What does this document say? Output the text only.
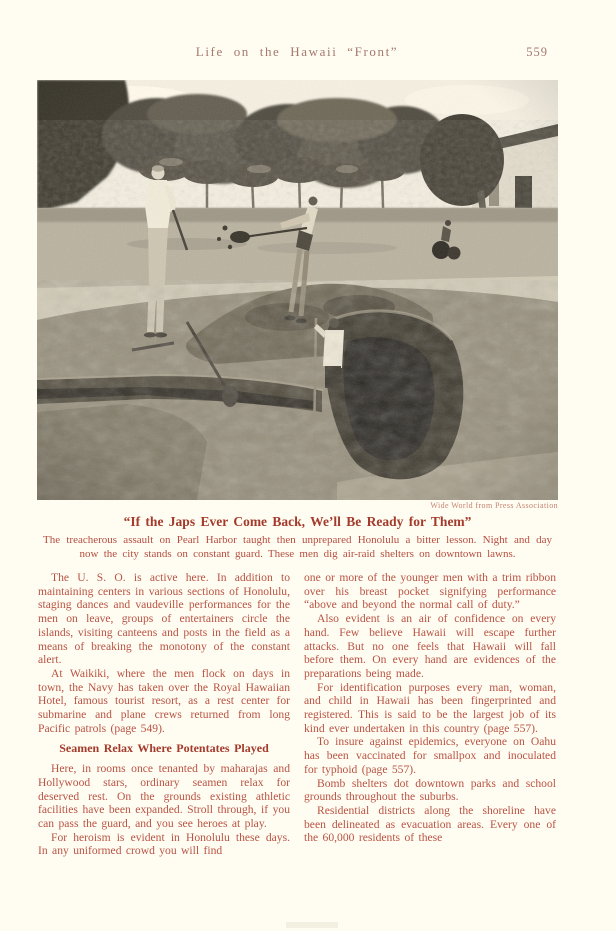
Life on the Hawaii “Front”	559
Wide World from Press Association
“If the Japs Ever Come Back, We’ll Be Ready for Them”
The treacherous assault on Pearl Harbor taught then unprepared Honolulu a bitter lesson. Night and day now the city stands on constant guard. These men dig air-raid shelters on downtown lawns.

The U. S. O. is active here. In addition to maintaining centers in various sections of Honolulu, staging dances and vaudeville performances for the men on leave, groups of entertainers circle the islands, visiting canteens and posts in the field as a means of breaking the monotony of the constant alert.

At Waikiki, where the men flock on days in town, the Navy has taken over the Royal Hawaiian Hotel, famous tourist resort, as a rest center for submarine and plane crews returned from long Pacific patrols (page 549).

Seamen Relax Where Potentates Played

Here, in rooms once tenanted by maharajas and Hollywood stars, ordinary seamen relax for deserved rest. On the grounds existing athletic facilities have been expanded. Stroll through, if you can pass the guard, and you see heroes at play.

For heroism is evident in Honolulu these days. In any uniformed crowd you will find

one or more of the younger men with a trim ribbon over his breast pocket signifying performance “above and beyond the normal call of duty.”

Also evident is an air of confidence on every hand. Few believe Hawaii will escape further attacks. But no one feels that Hawaii will fall before them. On every hand are evidences of the preparations being made.

For identification purposes every man, woman, and child in Hawaii has been fingerprinted and registered. This is said to be the largest job of its kind ever undertaken in this country (page 557).

To insure against epidemics, everyone on Oahu has been vaccinated for smallpox and inoculated for typhoid (page 557).

Bomb shelters dot downtown parks and school grounds throughout the suburbs.

Residential districts along the shoreline have been delineated as evacuation areas. Every one of the 60,000 residents of these
